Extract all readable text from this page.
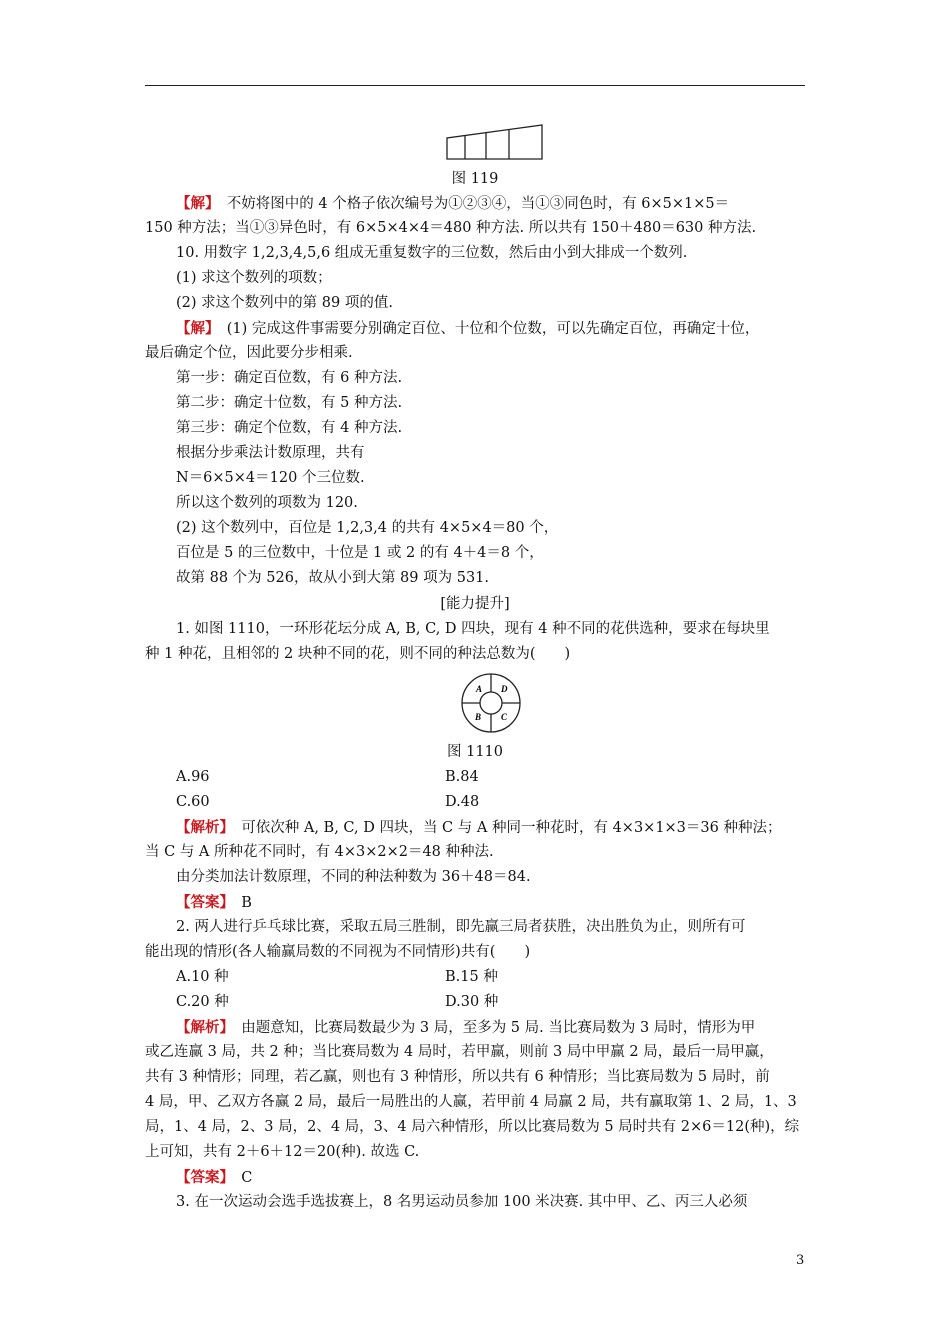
图 119
【解】　 不妨将图中的 4 个格子依次编号为①②③④，当①③同色时，有 6×5×1×5＝
150 种方法；当①③异色时，有 6×5×4×4＝480 种方法. 所以共有 150＋480＝630 种方法.
10. 用数字 1,2,3,4,5,6 组成无重复数字的三位数，然后由小到大排成一个数列.
(1) 求这个数列的项数；
(2) 求这个数列中的第 89 项的值.
【解】　 (1) 完成这件事需要分别确定百位、十位和个位数，可以先确定百位，再确定十位，
最后确定个位，因此要分步相乘.
第一步：确定百位数，有 6 种方法.
第二步：确定十位数，有 5 种方法.
第三步：确定个位数，有 4 种方法.
根据分步乘法计数原理，共有
N＝6×5×4＝120 个三位数.
所以这个数列的项数为 120.
(2) 这个数列中，百位是 1,2,3,4 的共有 4×5×4＝80 个，
百位是 5 的三位数中，十位是 1 或 2 的有 4＋4＝8 个，
故第 88 个为 526，故从小到大第 89 项为 531.
[能力提升]
1. 如图 1110，一环形花坛分成 A, B, C, D 四块，现有 4 种不同的花供选种，要求在每块里
种 1 种花，且相邻的 2 块种不同的花，则不同的种法总数为(　　)
A D
B C
图 1110
A.96	B.84
C.60	D.48
【解析】　 可依次种 A, B, C, D 四块，当 C 与 A 种同一种花时，有 4×3×1×3＝36 种种法；
当 C 与 A 所种花不同时，有 4×3×2×2＝48 种种法.
由分类加法计数原理，不同的种法种数为 36＋48＝84.
【答案】　 B
2. 两人进行乒乓球比赛，采取五局三胜制，即先赢三局者获胜，决出胜负为止，则所有可
能出现的情形(各人输赢局数的不同视为不同情形)共有(　　)
A.10 种	B.15 种
C.20 种	D.30 种
【解析】　 由题意知，比赛局数最少为 3 局，至多为 5 局. 当比赛局数为 3 局时，情形为甲
或乙连赢 3 局，共 2 种；当比赛局数为 4 局时，若甲赢，则前 3 局中甲赢 2 局，最后一局甲赢，
共有 3 种情形；同理，若乙赢，则也有 3 种情形，所以共有 6 种情形；当比赛局数为 5 局时，前
4 局，甲、乙双方各赢 2 局，最后一局胜出的人赢，若甲前 4 局赢 2 局，共有赢取第 1、2 局，1、3
局，1、4 局，2、3 局，2、4 局，3、4 局六种情形，所以比赛局数为 5 局时共有 2×6＝12(种)，综
上可知，共有 2＋6＋12＝20(种). 故选 C.
【答案】　 C
3. 在一次运动会选手选拔赛上，8 名男运动员参加 100 米决赛. 其中甲、乙、丙三人必须
3
